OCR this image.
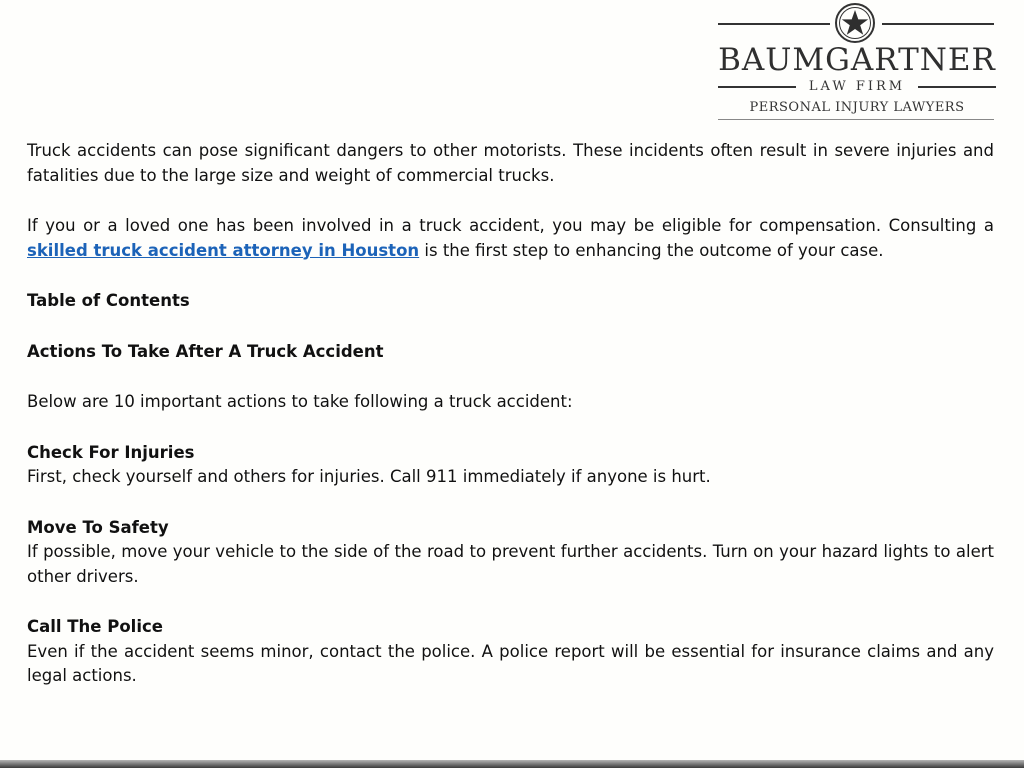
BAUMGARTNER
LAW FIRM
PERSONAL INJURY LAWYERS

Truck accidents can pose significant dangers to other motorists. These incidents often result in severe injuries and fatalities due to the large size and weight of commercial trucks.

If you or a loved one has been involved in a truck accident, you may be eligible for compensation. Consulting a skilled truck accident attorney in Houston is the first step to enhancing the outcome of your case.

Table of Contents

Actions To Take After A Truck Accident

Below are 10 important actions to take following a truck accident:

Check For Injuries

First, check yourself and others for injuries. Call 911 immediately if anyone is hurt.

Move To Safety

If possible, move your vehicle to the side of the road to prevent further accidents. Turn on your hazard lights to alert other drivers.

Call The Police

Even if the accident seems minor, contact the police. A police report will be essential for insurance claims and any legal actions.
